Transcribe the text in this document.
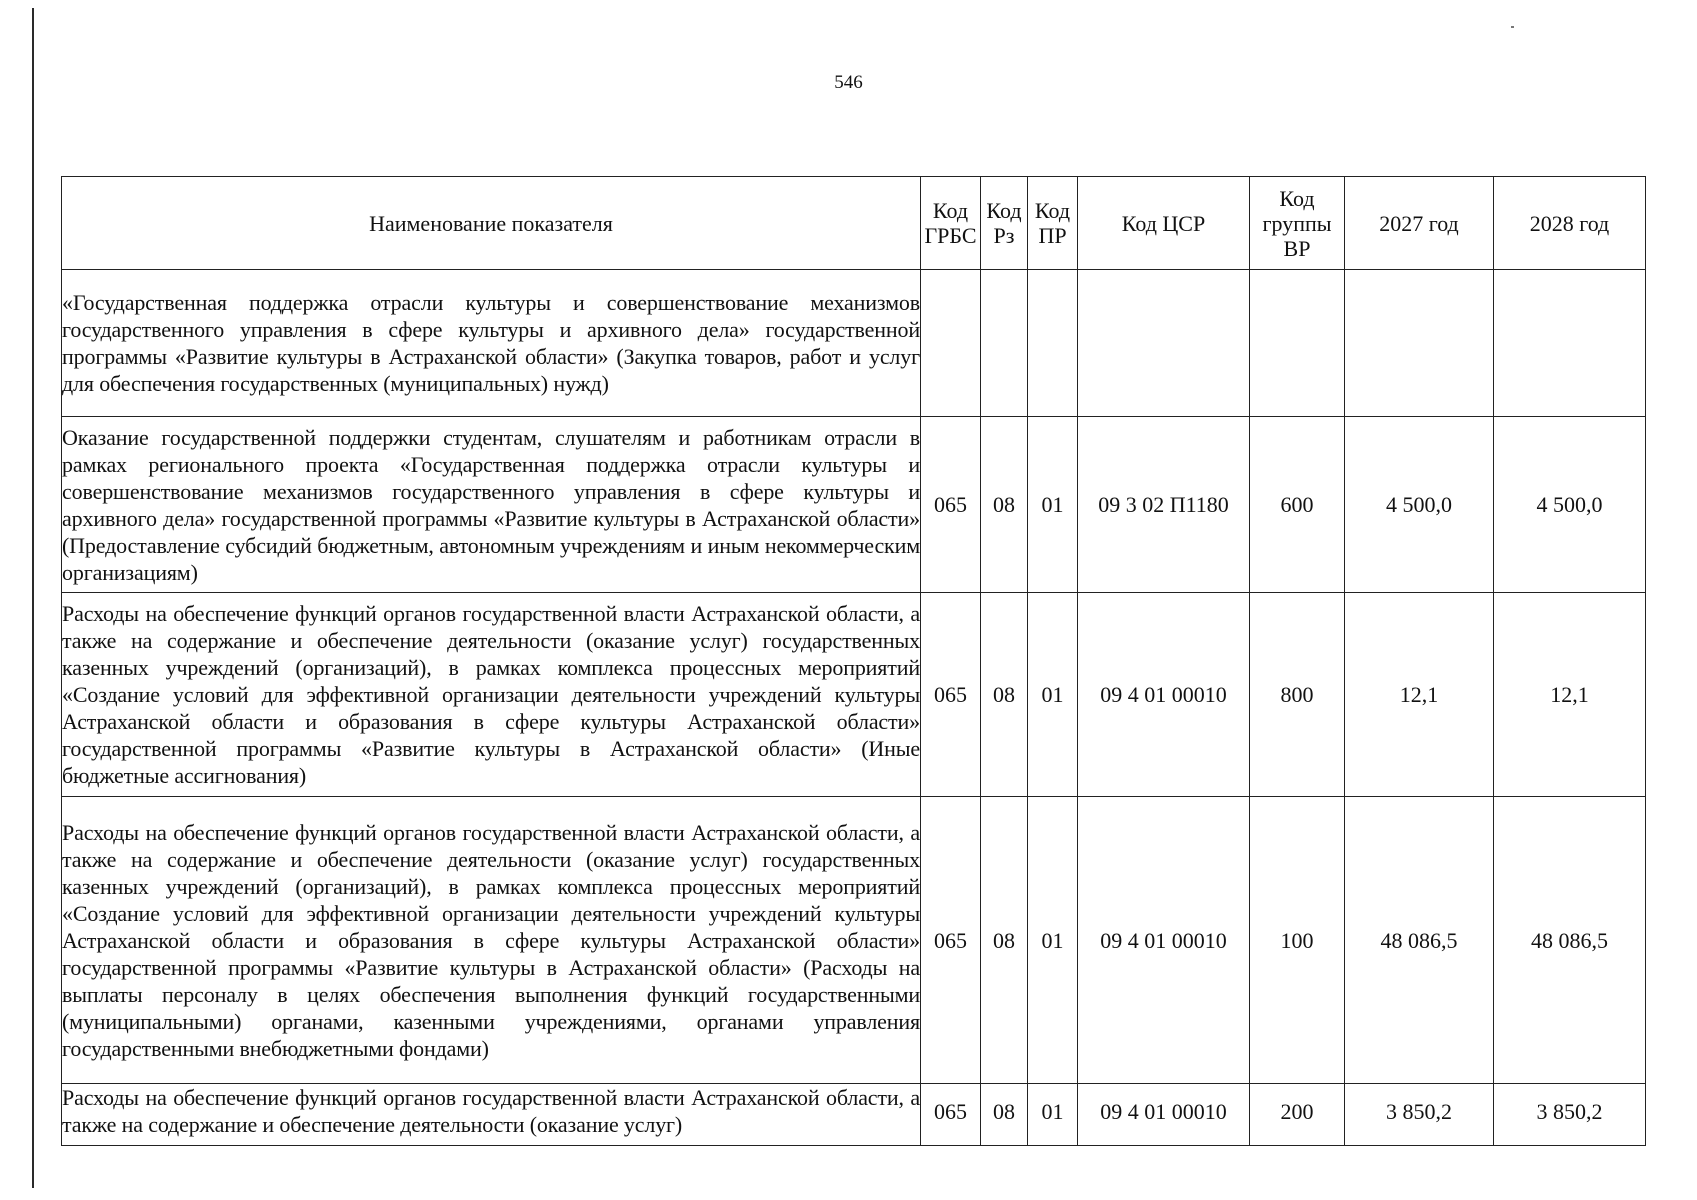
546
Наименование показателя	Код ГРБС	Код Рз	Код ПР	Код ЦСР	Код группы ВР	2027 год	2028 год
«Государственная поддержка отрасли культуры и совершенствование механизмов государственного управления в сфере культуры и архивного дела» государственной программы «Развитие культуры в Астраханской области» (Закупка товаров, работ и услуг для обеспечения государственных (муниципальных) нужд)							
Оказание государственной поддержки студентам, слушателям и работникам отрасли в рамках регионального проекта «Государственная поддержка отрасли культуры и совершенствование механизмов государственного управления в сфере культуры и архивного дела» государственной программы «Развитие культуры в Астраханской области» (Предоставление субсидий бюджетным, автономным учреждениям и иным некоммерческим организациям)	065	08	01	09 3 02 П1180	600	4 500,0	4 500,0
Расходы на обеспечение функций органов государственной власти Астраханской области, а также на содержание и обеспечение деятельности (оказание услуг) государственных казенных учреждений (организаций), в рамках комплекса процессных мероприятий «Создание условий для эффективной организации деятельности учреждений культуры Астраханской области и образования в сфере культуры Астраханской области» государственной программы «Развитие культуры в Астраханской области» (Иные бюджетные ассигнования)	065	08	01	09 4 01 00010	800	12,1	12,1
Расходы на обеспечение функций органов государственной власти Астраханской области, а также на содержание и обеспечение деятельности (оказание услуг) государственных казенных учреждений (организаций), в рамках комплекса процессных мероприятий «Создание условий для эффективной организации деятельности учреждений культуры Астраханской области и образования в сфере культуры Астраханской области» государственной программы «Развитие культуры в Астраханской области» (Расходы на выплаты персоналу в целях обеспечения выполнения функций государственными (муниципальными) органами, казенными учреждениями, органами управления государственными внебюджетными фондами)	065	08	01	09 4 01 00010	100	48 086,5	48 086,5
Расходы на обеспечение функций органов государственной власти Астраханской области, а также на содержание и обеспечение деятельности (оказание услуг)	065	08	01	09 4 01 00010	200	3 850,2	3 850,2
